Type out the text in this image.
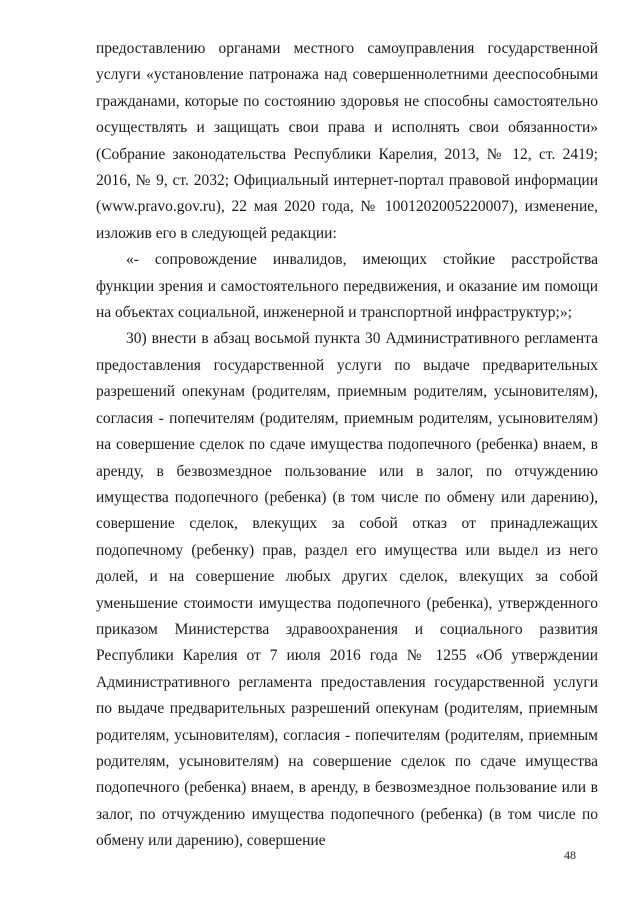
предоставлению органами местного самоуправления государственной услуги «установление патронажа над совершеннолетними дееспособными гражданами, которые по состоянию здоровья не способны самостоятельно осуществлять и защищать свои права и исполнять свои обязанности» (Собрание законодательства Республики Карелия, 2013, № 12, ст. 2419; 2016, № 9, ст. 2032; Официальный интернет-портал правовой информации (www.pravo.gov.ru), 22 мая 2020 года, № 1001202005220007), изменение, изложив его в следующей редакции:

«- сопровождение инвалидов, имеющих стойкие расстройства функции зрения и самостоятельного передвижения, и оказание им помощи на объектах социальной, инженерной и транспортной инфраструктур;»;

30) внести в абзац восьмой пункта 30 Административного регламента предоставления государственной услуги по выдаче предварительных разрешений опекунам (родителям, приемным родителям, усыновителям), согласия - попечителям (родителям, приемным родителям, усыновителям) на совершение сделок по сдаче имущества подопечного (ребенка) внаем, в аренду, в безвозмездное пользование или в залог, по отчуждению имущества подопечного (ребенка) (в том числе по обмену или дарению), совершение сделок, влекущих за собой отказ от принадлежащих подопечному (ребенку) прав, раздел его имущества или выдел из него долей, и на совершение любых других сделок, влекущих за собой уменьшение стоимости имущества подопечного (ребенка), утвержденного приказом Министерства здравоохранения и социального развития Республики Карелия от 7 июля 2016 года № 1255 «Об утверждении Административного регламента предоставления государственной услуги по выдаче предварительных разрешений опекунам (родителям, приемным родителям, усыновителям), согласия - попечителям (родителям, приемным родителям, усыновителям) на совершение сделок по сдаче имущества подопечного (ребенка) внаем, в аренду, в безвозмездное пользование или в залог, по отчуждению имущества подопечного (ребенка) (в том числе по обмену или дарению), совершение

48
